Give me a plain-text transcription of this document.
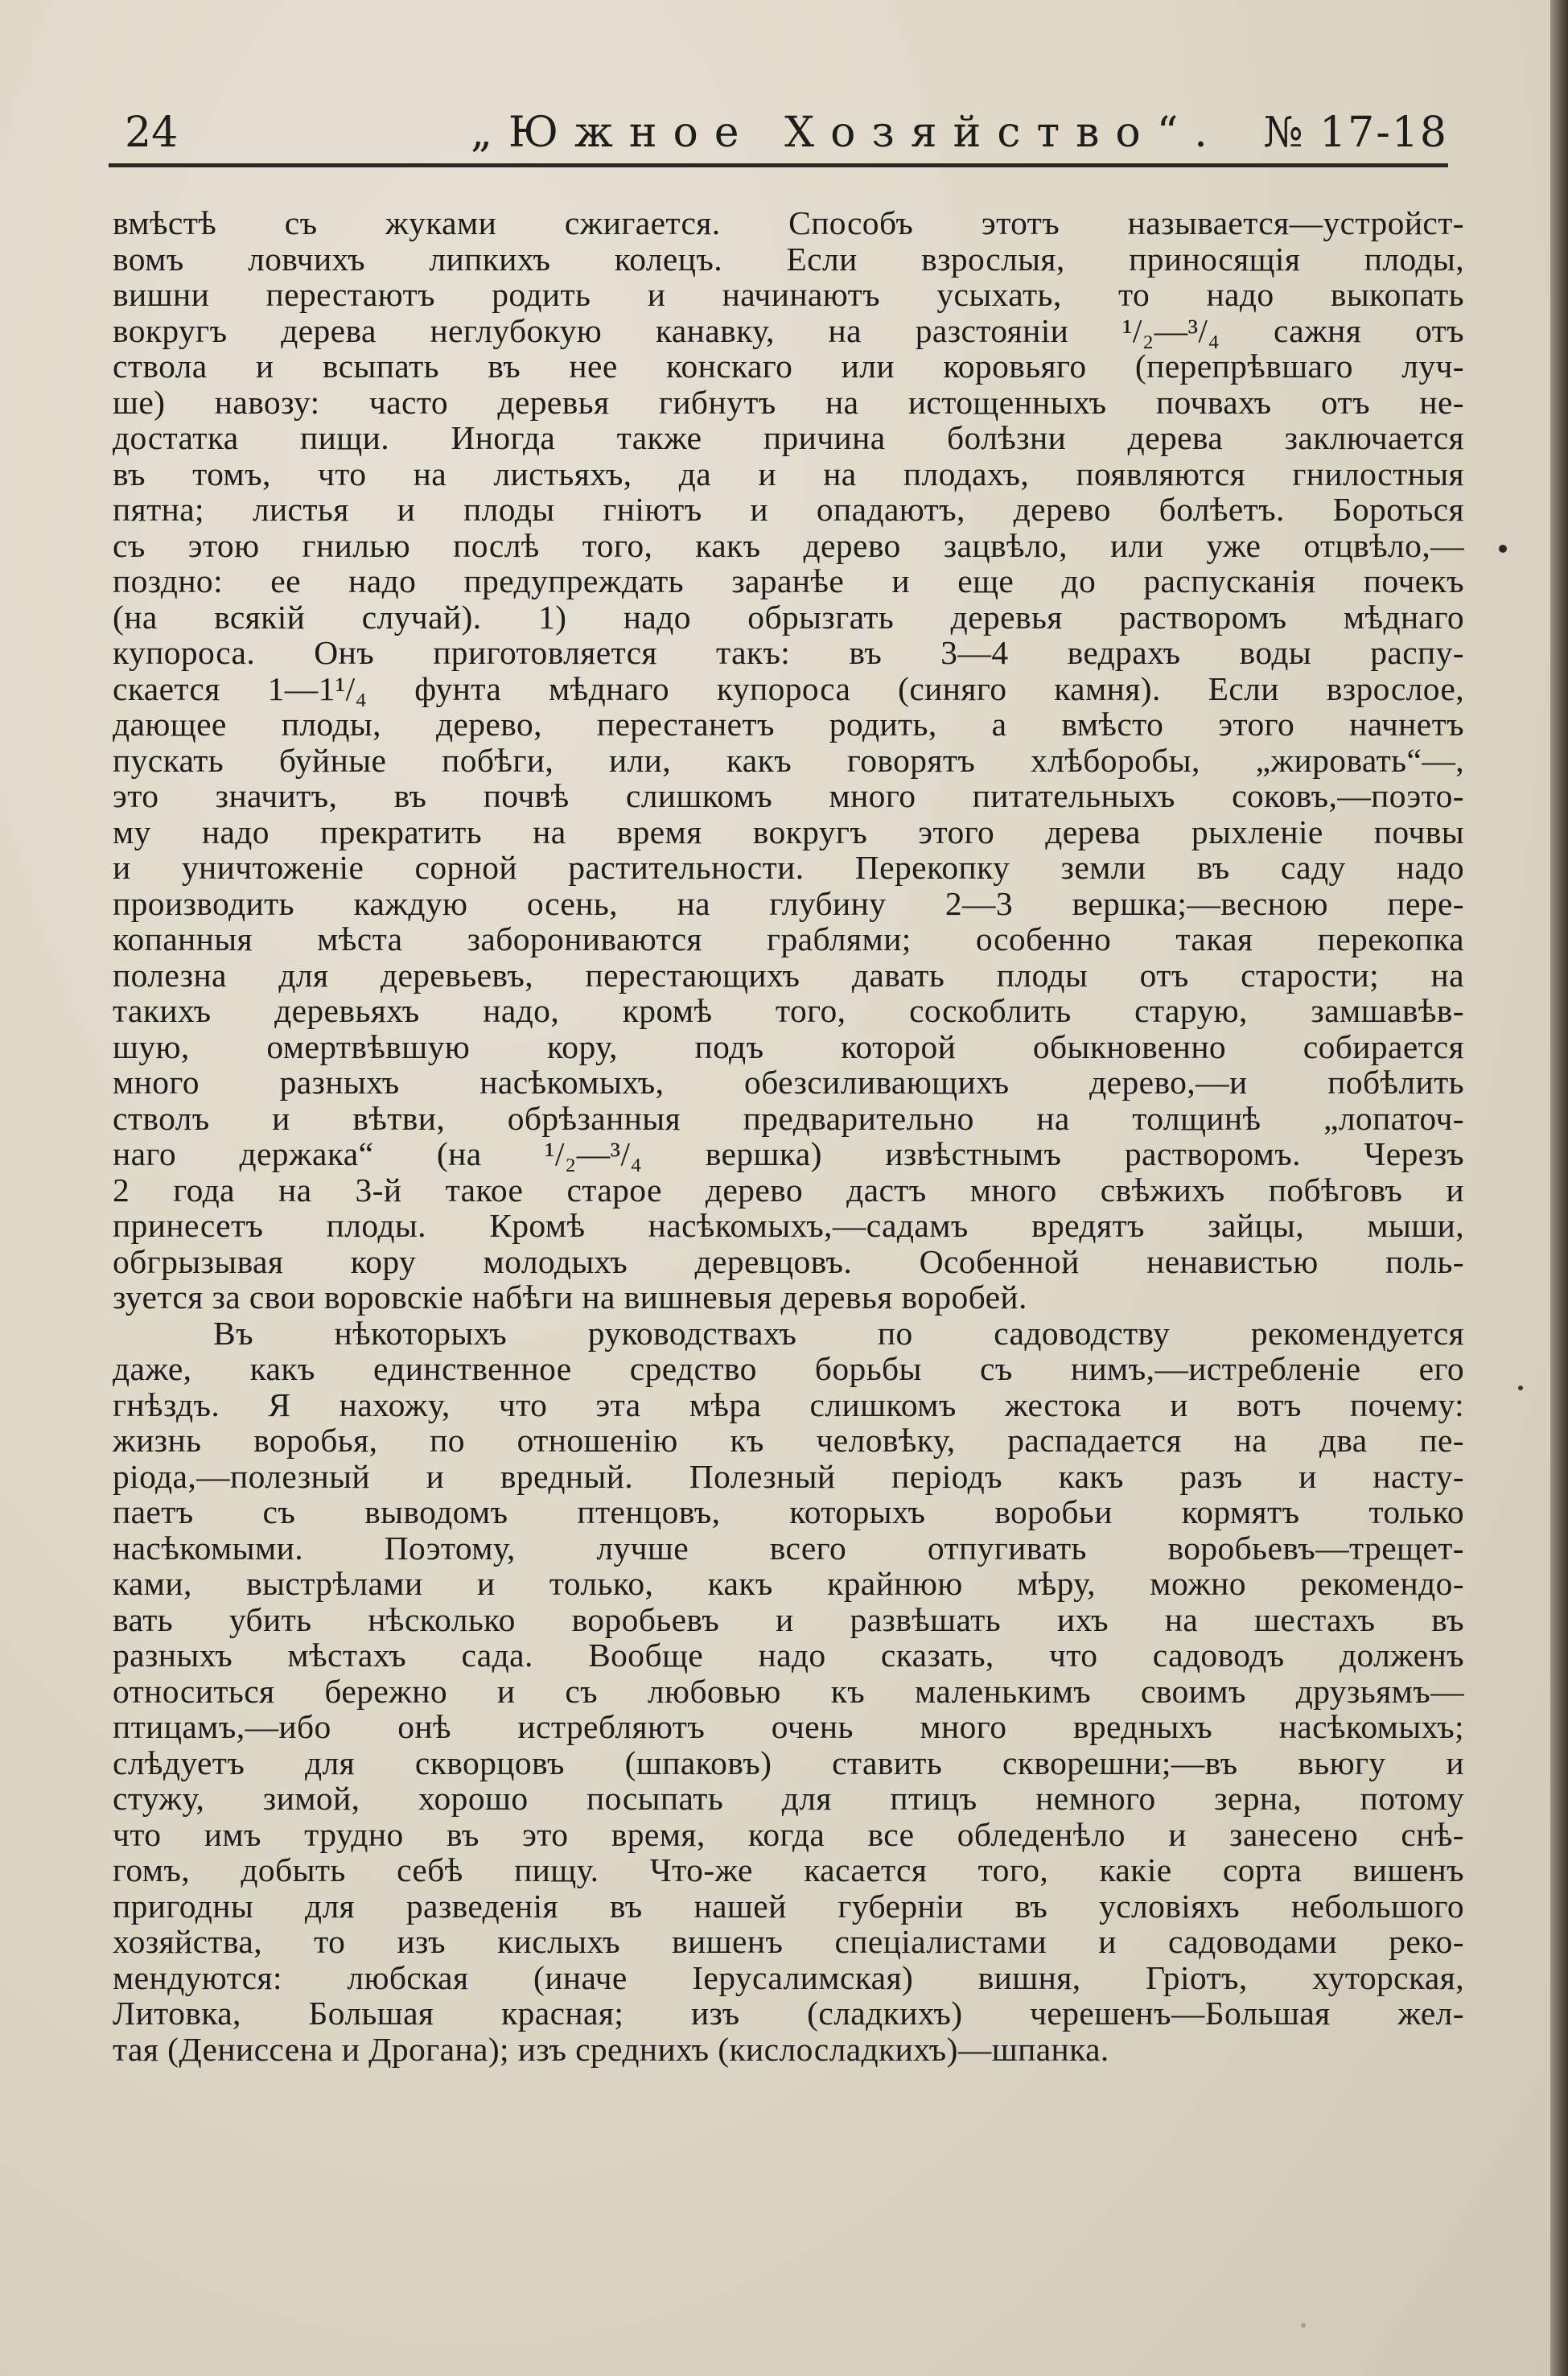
24	„Южное Хозяйство“. № 17-18
вмѣстѣ съ жуками сжигается. Способъ этотъ называется—устройст-
вомъ ловчихъ липкихъ колецъ. Если взрослыя, приносящія плоды,
вишни перестаютъ родить и начинаютъ усыхать, то надо выкопать
вокругъ дерева неглубокую канавку, на разстояніи ¹/₂—³/₄ сажня отъ
ствола и всыпать въ нее конскаго или коровьяго (перепрѣвшаго луч-
ше) навозу: часто деревья гибнутъ на истощенныхъ почвахъ отъ не-
достатка пищи. Иногда также причина болѣзни дерева заключается
въ томъ, что на листьяхъ, да и на плодахъ, появляются гнилостныя
пятна; листья и плоды гніютъ и опадаютъ, дерево болѣетъ. Бороться
съ этою гнилью послѣ того, какъ дерево зацвѣло, или уже отцвѣло,—
поздно: ее надо предупреждать заранѣе и еще до распусканія почекъ
(на всякій случай). 1) надо обрызгать деревья растворомъ мѣднаго
купороса. Онъ приготовляется такъ: въ 3—4 ведрахъ воды распу-
скается 1—1¹/₄ фунта мѣднаго купороса (синяго камня). Если взрослое,
дающее плоды, дерево, перестанетъ родить, а вмѣсто этого начнетъ
пускать буйные побѣги, или, какъ говорятъ хлѣборобы, „жировать“—,
это значитъ, въ почвѣ слишкомъ много питательныхъ соковъ,—поэто-
му надо прекратить на время вокругъ этого дерева рыхленіе почвы
и уничтоженіе сорной растительности. Перекопку земли въ саду надо
производить каждую осень, на глубину 2—3 вершка;—весною пере-
копанныя мѣста заборониваются граблями; особенно такая перекопка
полезна для деревьевъ, перестающихъ давать плоды отъ старости; на
такихъ деревьяхъ надо, кромѣ того, соскоблить старую, замшавѣв-
шую, омертвѣвшую кору, подъ которой обыкновенно собирается
много разныхъ насѣкомыхъ, обезсиливающихъ дерево,—и побѣлить
стволъ и вѣтви, обрѣзанныя предварительно на толщинѣ „лопаточ-
наго держака“ (на ¹/₂—³/₄ вершка) извѣстнымъ растворомъ. Черезъ
2 года на 3-й такое старое дерево дастъ много свѣжихъ побѣговъ и
принесетъ плоды. Кромѣ насѣкомыхъ,—садамъ вредятъ зайцы, мыши,
обгрызывая кору молодыхъ деревцовъ. Особенной ненавистью поль-
зуется за свои воровскіе набѣги на вишневыя деревья воробей.
Въ нѣкоторыхъ руководствахъ по садоводству рекомендуется
даже, какъ единственное средство борьбы съ нимъ,—истребленіе его
гнѣздъ. Я нахожу, что эта мѣра слишкомъ жестока и вотъ почему:
жизнь воробья, по отношенію къ человѣку, распадается на два пе-
ріода,—полезный и вредный. Полезный періодъ какъ разъ и насту-
паетъ съ выводомъ птенцовъ, которыхъ воробьи кормятъ только
насѣкомыми. Поэтому, лучше всего отпугивать воробьевъ—трещет-
ками, выстрѣлами и только, какъ крайнюю мѣру, можно рекомендо-
вать убить нѣсколько воробьевъ и развѣшать ихъ на шестахъ въ
разныхъ мѣстахъ сада. Вообще надо сказать, что садоводъ долженъ
относиться бережно и съ любовью къ маленькимъ своимъ друзьямъ—
птицамъ,—ибо онѣ истребляютъ очень много вредныхъ насѣкомыхъ;
слѣдуетъ для скворцовъ (шпаковъ) ставить скворешни;—въ вьюгу и
стужу, зимой, хорошо посыпать для птицъ немного зерна, потому
что имъ трудно въ это время, когда все обледенѣло и занесено снѣ-
гомъ, добыть себѣ пищу. Что-же касается того, какіе сорта вишенъ
пригодны для разведенія въ нашей губерніи въ условіяхъ небольшого
хозяйства, то изъ кислыхъ вишенъ спеціалистами и садоводами реко-
мендуются: любская (иначе Іерусалимская) вишня, Гріотъ, хуторская,
Литовка, Большая красная; изъ (сладкихъ) черешенъ—Большая жел-
тая (Дениссена и Дрогана); изъ среднихъ (кислосладкихъ)—шпанка.
